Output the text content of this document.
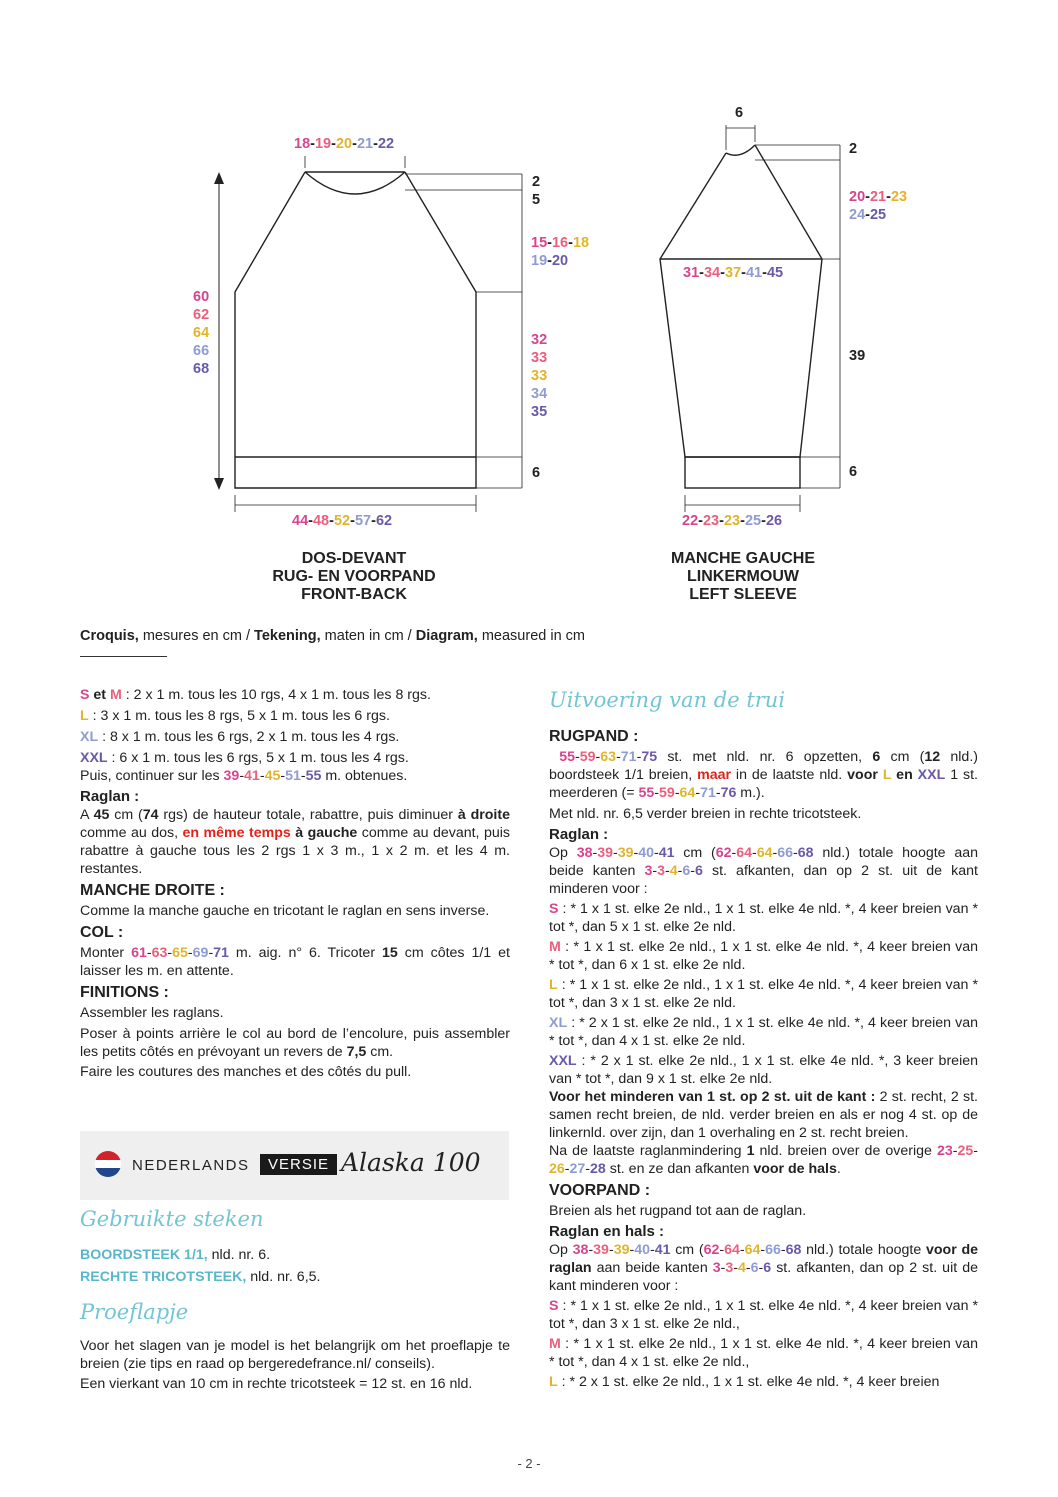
18-19-20-21-22
60
62
64
66
68
2
5
15-16-18
19-20
32
33
33
34
35
6
44-48-52-57-62
DOS-DEVANT
RUG- EN VOORPAND
FRONT-BACK
6
2
20-21-23
24-25
31-34-37-41-45
39
6
22-23-23-25-26
MANCHE GAUCHE
LINKERMOUW
LEFT SLEEVE
Croquis, mesures en cm / Tekening, maten in cm / Diagram, measured in cm

S et M : 2 x 1 m. tous les 10 rgs, 4 x 1 m. tous les 8 rgs.

L : 3 x 1 m. tous les 8 rgs, 5 x 1 m. tous les 6 rgs.

XL : 8 x 1 m. tous les 6 rgs, 2 x 1 m. tous les 4 rgs.

XXL : 6 x 1 m. tous les 6 rgs, 5 x 1 m. tous les 4 rgs.

Puis, continuer sur les 39-41-45-51-55 m. obtenues.

Raglan :

A 45 cm (74 rgs) de hauteur totale, rabattre, puis diminuer à droite comme au dos, en même temps à gauche comme au devant, puis rabattre à gauche tous les 2 rgs 1 x 3 m., 1 x 2 m. et les 4 m. restantes.

MANCHE DROITE :

Comme la manche gauche en tricotant le raglan en sens inverse.

COL :

Monter 61-63-65-69-71 m. aig. n° 6. Tricoter 15 cm côtes 1/1 et laisser les m. en attente.

FINITIONS :

Assembler les raglans.

Poser à points arrière le col au bord de l’encolure, puis assembler les petits côtés en prévoyant un revers de 7,5 cm.

Faire les coutures des manches et des côtés du pull.

NEDERLANDS	VERSIE Alaska 100
Gebruikte steken

BOORDSTEEK 1/1, nld. nr. 6.

RECHTE TRICOTSTEEK, nld. nr. 6,5.

Proeflapje

Voor het slagen van je model is het belangrijk om het proeflapje te breien (zie tips en raad op bergeredefrance.nl/ conseils).

Een vierkant van 10 cm in rechte tricotsteek = 12 st. en 16 nld.

Uitvoering van de trui

RUGPAND :

55-59-63-71-75 st. met nld. nr. 6 opzetten, 6 cm (12 nld.) boordsteek 1/1 breien, maar in de laatste nld. voor L en XXL 1 st. meerderen (= 55-59-64-71-76 m.).

Met nld. nr. 6,5 verder breien in rechte tricotsteek.

Raglan :

Op 38-39-39-40-41 cm (62-64-64-66-68 nld.) totale hoogte aan beide kanten 3-3-4-6-6 st. afkanten, dan op 2 st. uit de kant minderen voor :

S : * 1 x 1 st. elke 2e nld., 1 x 1 st. elke 4e nld. *, 4 keer breien van * tot *, dan 5 x 1 st. elke 2e nld.

M : * 1 x 1 st. elke 2e nld., 1 x 1 st. elke 4e nld. *, 4 keer breien van * tot *, dan 6 x 1 st. elke 2e nld.

L : * 1 x 1 st. elke 2e nld., 1 x 1 st. elke 4e nld. *, 4 keer breien van * tot *, dan 3 x 1 st. elke 2e nld.

XL : * 2 x 1 st. elke 2e nld., 1 x 1 st. elke 4e nld. *, 4 keer breien van * tot *, dan 4 x 1 st. elke 2e nld.

XXL : * 2 x 1 st. elke 2e nld., 1 x 1 st. elke 4e nld. *, 3 keer breien van * tot *, dan 9 x 1 st. elke 2e nld.

Voor het minderen van 1 st. op 2 st. uit de kant : 2 st. recht, 2 st. samen recht breien, de nld. verder breien en als er nog 4 st. op de linkernld. over zijn, dan 1 overhaling en 2 st. recht breien.

Na de laatste raglanmindering 1 nld. breien over de overige 23-25-26-27-28 st. en ze dan afkanten voor de hals.

VOORPAND :

Breien als het rugpand tot aan de raglan.

Raglan en hals :

Op 38-39-39-40-41 cm (62-64-64-66-68 nld.) totale hoogte voor de raglan aan beide kanten 3-3-4-6-6 st. afkanten, dan op 2 st. uit de kant minderen voor :

S : * 1 x 1 st. elke 2e nld., 1 x 1 st. elke 4e nld. *, 4 keer breien van * tot *, dan 3 x 1 st. elke 2e nld.,

M : * 1 x 1 st. elke 2e nld., 1 x 1 st. elke 4e nld. *, 4 keer breien van * tot *, dan 4 x 1 st. elke 2e nld.,

L : * 2 x 1 st. elke 2e nld., 1 x 1 st. elke 4e nld. *, 4 keer breien

- 2 -
